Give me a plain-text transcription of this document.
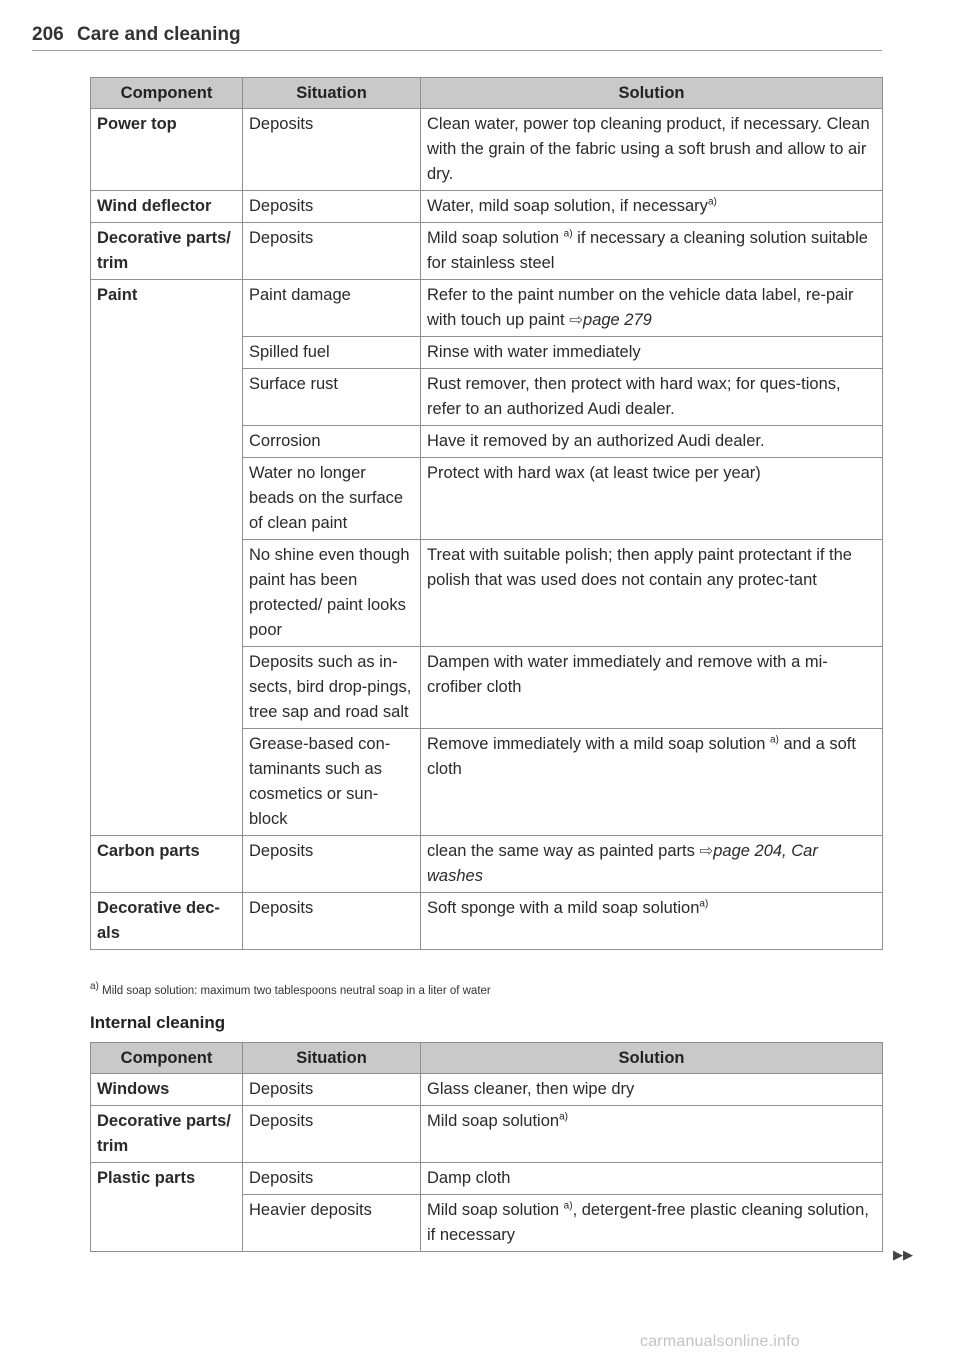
206 Care and cleaning
Component	Situation	Solution
Power top	Deposits	Clean water, power top cleaning product, if necessary. Clean with the grain of the fabric using a soft brush and allow to air dry.
Wind deflector	Deposits	Water, mild soap solution, if necessary$^{a)}$
Decorative parts/ trim	Deposits	Mild soap solution $^{a)}$ if necessary a cleaning solution suitable for stainless steel
Paint	Paint damage	Refer to the paint number on the vehicle data label, re-pair with touch up paint ⇨page 279
	Spilled fuel	Rinse with water immediately
	Surface rust	Rust remover, then protect with hard wax; for ques-tions, refer to an authorized Audi dealer.
	Corrosion	Have it removed by an authorized Audi dealer.
	Water no longer beads on the surface of clean paint	Protect with hard wax (at least twice per year)
	No shine even though paint has been protected/ paint looks poor	Treat with suitable polish; then apply paint protectant if the polish that was used does not contain any protec-tant
	Deposits such as in-sects, bird drop-pings, tree sap and road salt	Dampen with water immediately and remove with a mi-crofiber cloth
	Grease-based con-taminants such as cosmetics or sun-block	Remove immediately with a mild soap solution $^{a)}$ and a soft cloth
Carbon parts	Deposits	clean the same way as painted parts ⇨page 204, Car washes
Decorative dec-als	Deposits	Soft sponge with a mild soap solution$^{a)}$
$^{a)}$ Mild soap solution: maximum two tablespoons neutral soap in a liter of water
Internal cleaning
Component	Situation	Solution
Windows	Deposits	Glass cleaner, then wipe dry
Decorative parts/ trim	Deposits	Mild soap solution$^{a)}$
Plastic parts	Deposits	Damp cloth
	Heavier deposits	Mild soap solution $^{a)}$, detergent-free plastic cleaning solution, if necessary
▶▶
carmanualsonline.info
